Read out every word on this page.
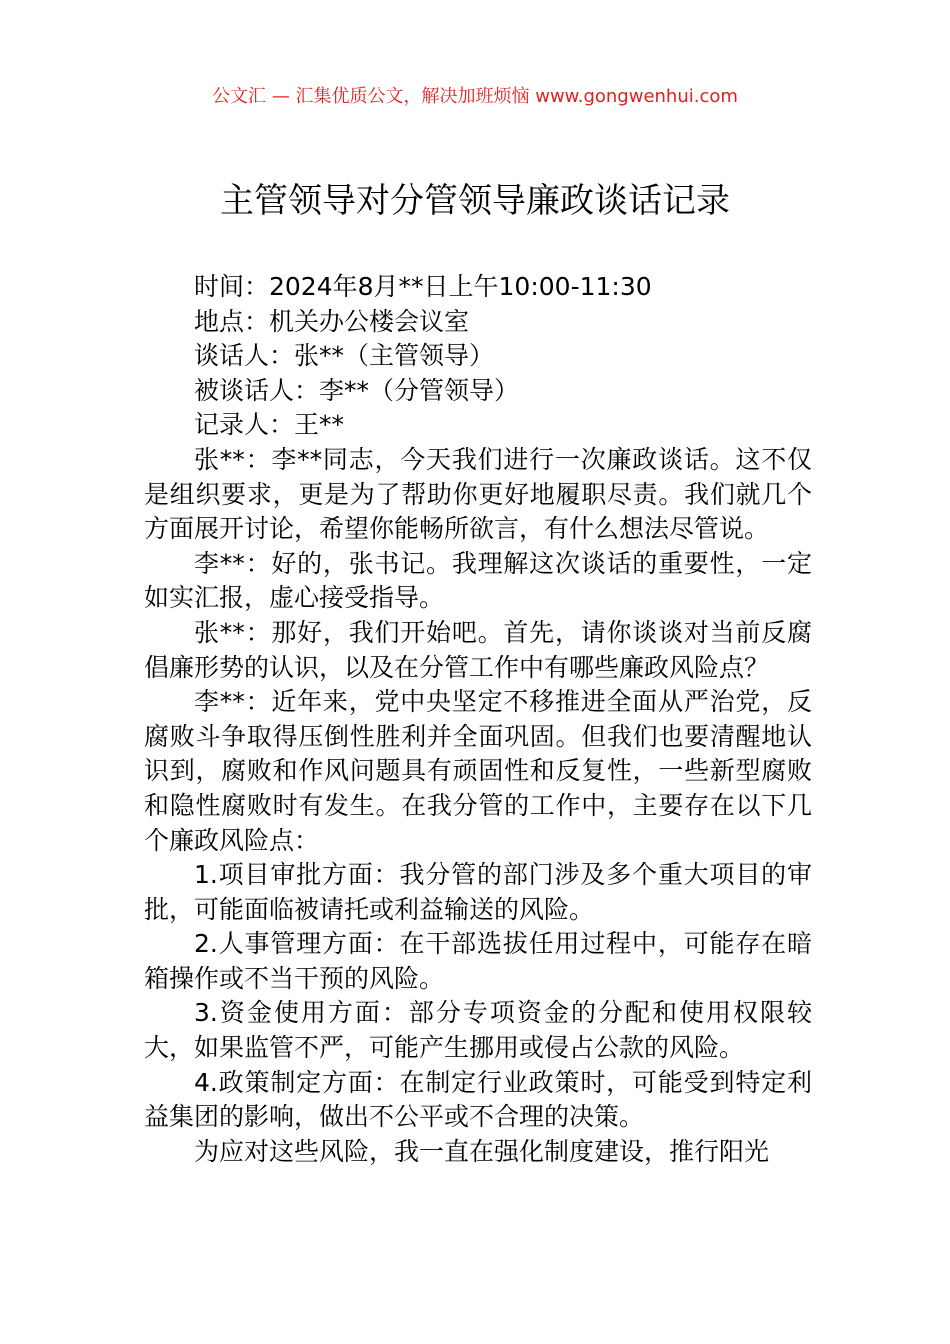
公文汇 — 汇集优质公文，解决加班烦恼 www.gongwenhui.com
主管领导对分管领导廉政谈话记录

时间：2024年8月**日上午10:00-11:30

地点：机关办公楼会议室

谈话人：张**（主管领导）

被谈话人：李**（分管领导）

记录人：王**

张**：李**同志，今天我们进行一次廉政谈话。这不仅是组织要求，更是为了帮助你更好地履职尽责。我们就几个方面展开讨论，希望你能畅所欲言，有什么想法尽管说。

李**：好的，张书记。我理解这次谈话的重要性，一定如实汇报，虚心接受指导。

张**：那好，我们开始吧。首先，请你谈谈对当前反腐倡廉形势的认识，以及在分管工作中有哪些廉政风险点？

李**：近年来，党中央坚定不移推进全面从严治党，反腐败斗争取得压倒性胜利并全面巩固。但我们也要清醒地认识到，腐败和作风问题具有顽固性和反复性，一些新型腐败和隐性腐败时有发生。在我分管的工作中，主要存在以下几个廉政风险点：

1.项目审批方面：我分管的部门涉及多个重大项目的审批，可能面临被请托或利益输送的风险。

2.人事管理方面：在干部选拔任用过程中，可能存在暗箱操作或不当干预的风险。

3.资金使用方面：部分专项资金的分配和使用权限较大，如果监管不严，可能产生挪用或侵占公款的风险。

4.政策制定方面：在制定行业政策时，可能受到特定利益集团的影响，做出不公平或不合理的决策。

为应对这些风险，我一直在强化制度建设，推行阳光
